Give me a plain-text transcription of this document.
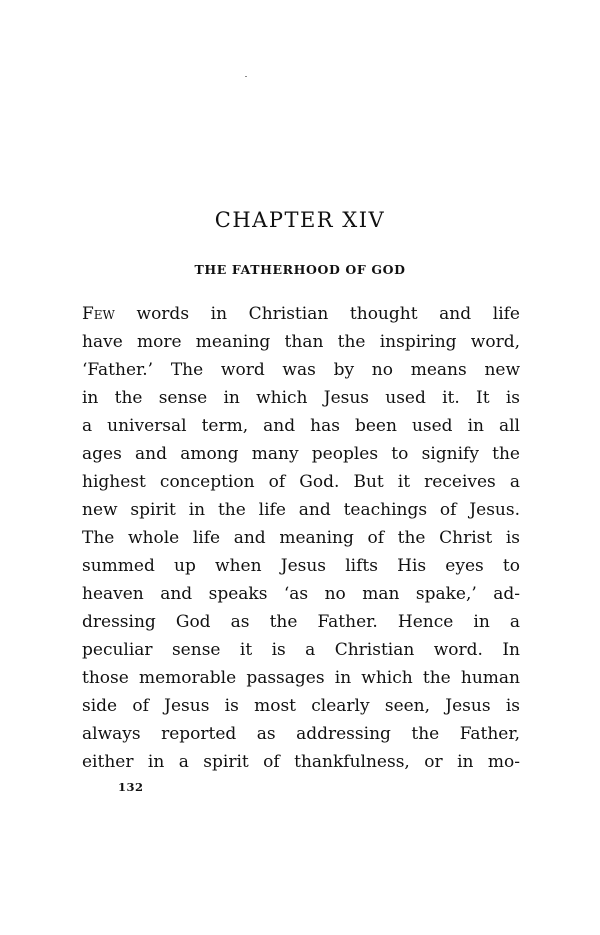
CHAPTER XIV
THE FATHERHOOD OF GOD
Few words in Christian thought and life
have more meaning than the inspiring word,
‘Father.’ The word was by no means new
in the sense in which Jesus used it. It is
a universal term, and has been used in all
ages and among many peoples to signify the
highest conception of God. But it receives a
new spirit in the life and teachings of Jesus.
The whole life and meaning of the Christ is
summed up when Jesus lifts His eyes to
heaven and speaks ‘as no man spake,’ ad-
dressing God as the Father. Hence in a
peculiar sense it is a Christian word. In
those memorable passages in which the human
side of Jesus is most clearly seen, Jesus is
always reported as addressing the Father,
either in a spirit of thankfulness, or in mo-
132
